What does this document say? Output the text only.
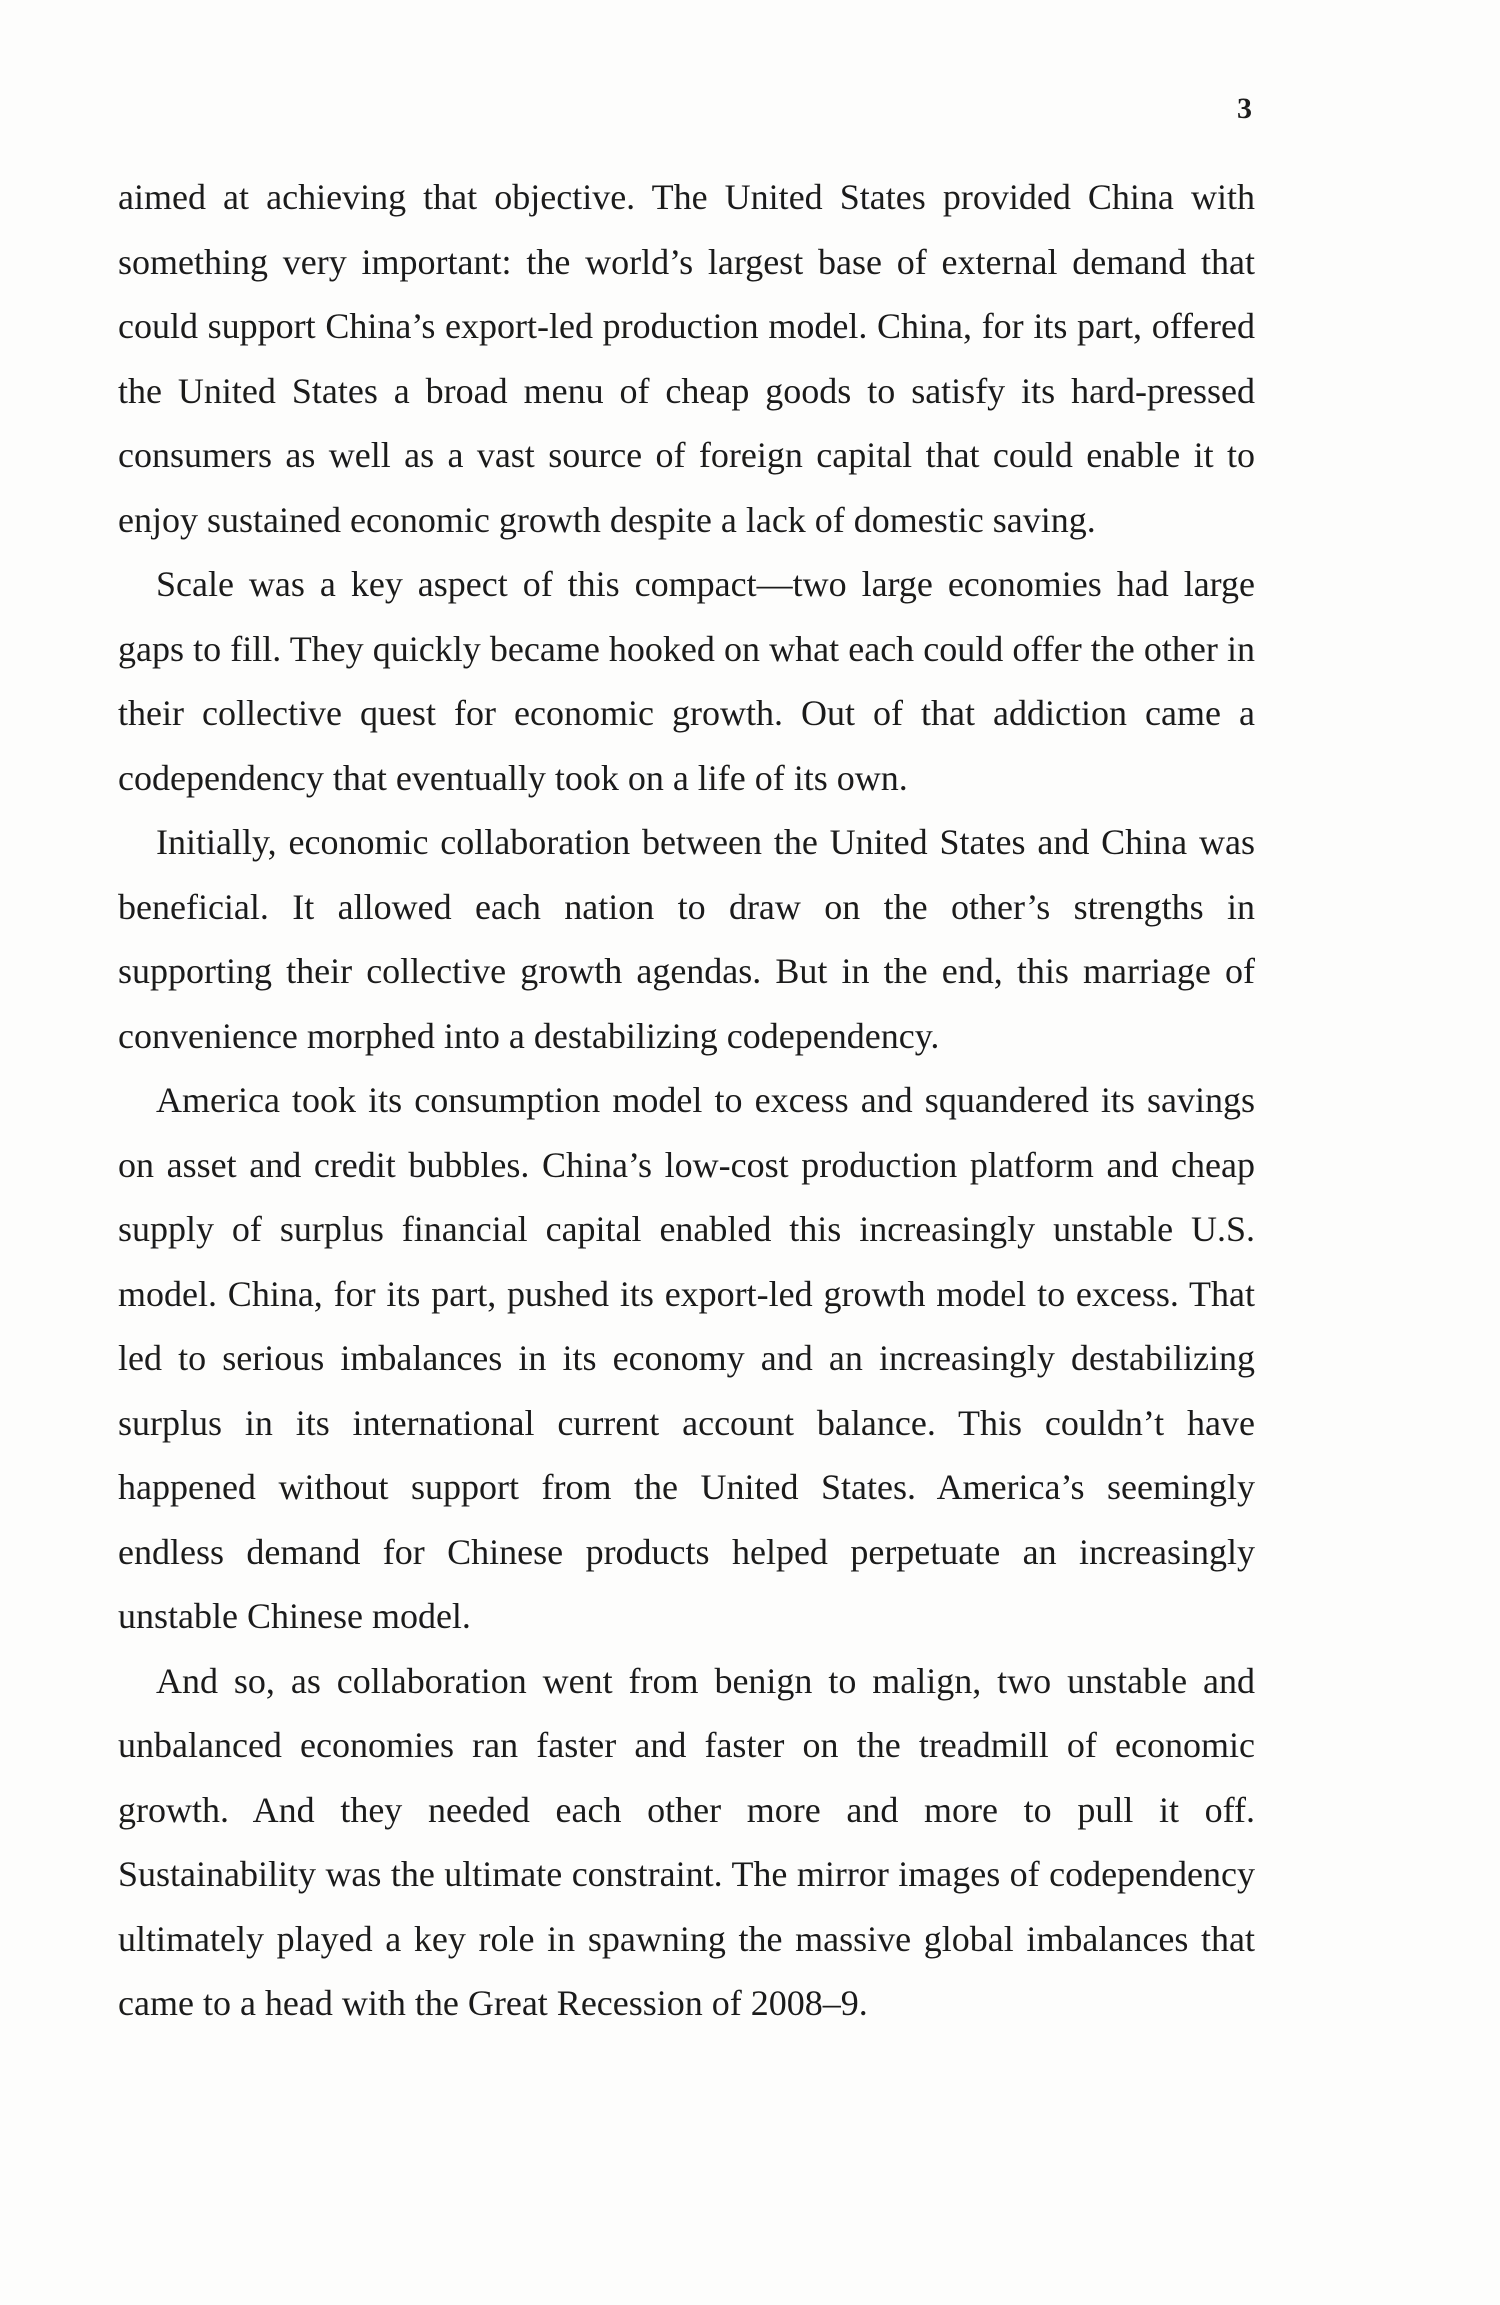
3

aimed at achieving that objective. The United States provided China with something very important: the world’s largest base of external demand that could support China’s export-led production model. China, for its part, offered the United States a broad menu of cheap goods to satisfy its hard-pressed consumers as well as a vast source of foreign capital that could enable it to enjoy sustained economic growth despite a lack of domestic saving.

Scale was a key aspect of this compact—two large economies had large gaps to fill. They quickly became hooked on what each could offer the other in their collective quest for economic growth. Out of that addiction came a codependency that eventually took on a life of its own.

Initially, economic collaboration between the United States and China was beneficial. It allowed each nation to draw on the other’s strengths in supporting their collective growth agendas. But in the end, this marriage of convenience morphed into a destabilizing codependency.

America took its consumption model to excess and squandered its savings on asset and credit bubbles. China’s low-cost production platform and cheap supply of surplus financial capital enabled this increasingly unstable U.S. model. China, for its part, pushed its export-led growth model to excess. That led to serious imbalances in its economy and an increasingly destabilizing surplus in its international current account balance. This couldn’t have happened without support from the United States. America’s seemingly endless demand for Chinese products helped perpetuate an increasingly unstable Chinese model.

And so, as collaboration went from benign to malign, two unstable and unbalanced economies ran faster and faster on the treadmill of economic growth. And they needed each other more and more to pull it off. Sustainability was the ultimate constraint. The mirror images of codependency ultimately played a key role in spawning the massive global imbalances that came to a head with the Great Recession of 2008–9.
